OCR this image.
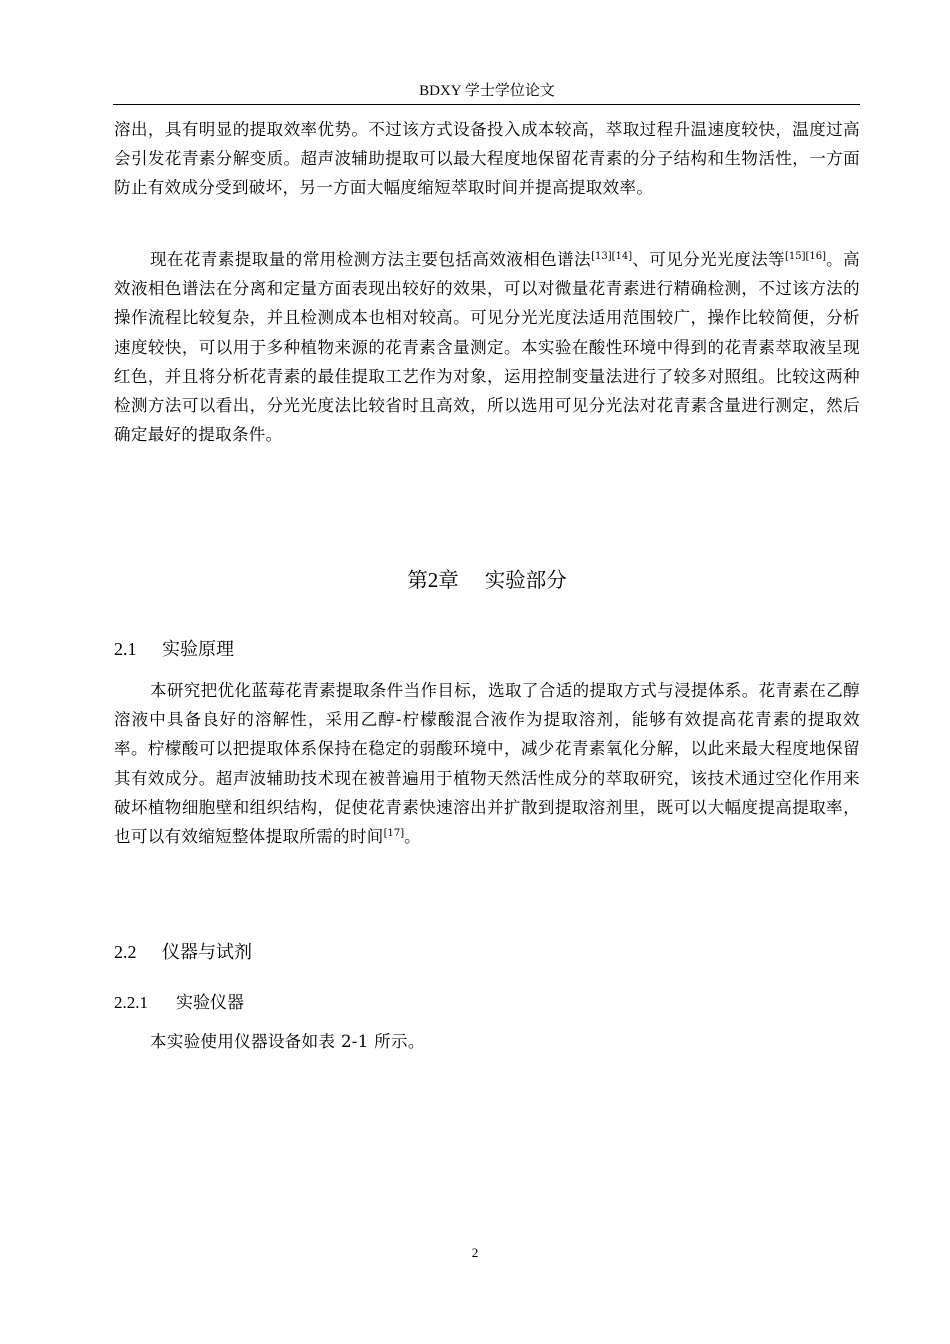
BDXY 学士学位论文

溶出，具有明显的提取效率优势。不过该方式设备投入成本较高，萃取过程升温速度较快，温度过高会引发花青素分解变质。超声波辅助提取可以最大程度地保留花青素的分子结构和生物活性，一方面防止有效成分受到破坏，另一方面大幅度缩短萃取时间并提高提取效率。

现在花青素提取量的常用检测方法主要包括高效液相色谱法[13][14]、可见分光光度法等[15][16]。高效液相色谱法在分离和定量方面表现出较好的效果，可以对微量花青素进行精确检测，不过该方法的操作流程比较复杂，并且检测成本也相对较高。可见分光光度法适用范围较广，操作比较简便，分析速度较快，可以用于多种植物来源的花青素含量测定。本实验在酸性环境中得到的花青素萃取液呈现红色，并且将分析花青素的最佳提取工艺作为对象，运用控制变量法进行了较多对照组。比较这两种检测方法可以看出，分光光度法比较省时且高效，所以选用可见分光法对花青素含量进行测定，然后确定最好的提取条件。

第2章 实验部分
2.1 实验原理

本研究把优化蓝莓花青素提取条件当作目标，选取了合适的提取方式与浸提体系。花青素在乙醇溶液中具备良好的溶解性，采用乙醇-柠檬酸混合液作为提取溶剂，能够有效提高花青素的提取效率。柠檬酸可以把提取体系保持在稳定的弱酸环境中，减少花青素氧化分解，以此来最大程度地保留其有效成分。超声波辅助技术现在被普遍用于植物天然活性成分的萃取研究，该技术通过空化作用来破坏植物细胞壁和组织结构，促使花青素快速溶出并扩散到提取溶剂里，既可以大幅度提高提取率，也可以有效缩短整体提取所需的时间[17]。

2.2 仪器与试剂
2.2.1 实验仪器

本实验使用仪器设备如表 2-1 所示。

2
